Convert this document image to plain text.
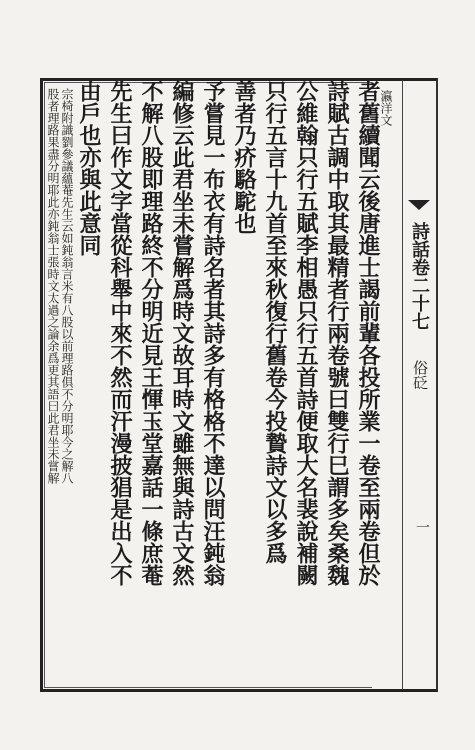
詩話卷二十七
俗砭
一
瀛洋文
者舊續聞云後唐進士謁前輩各投所業一卷至兩卷但於
詩賦古調中取其最精者行兩卷號曰雙行巳謂多矣桑魏
公維翰只行五賦李相愚只行五首詩便取大名裴說補闕
只行五言十九首至來秋復行舊卷今投贄詩文以多爲
善者乃疥駱駝也
予嘗見一布衣有詩名者其詩多有格格不達以問汪鈍翁
編修云此君坐未嘗解爲時文故耳時文雖無與詩古文然
不解八股即理路終不分明近見王惲玉堂嘉話一條庶菴
先生曰作文字當從科舉中來不然而汗漫披猖是出入不
由戶也亦與此意同
宗椅附識劉參議蘊菴先生云如鈍翁言米有八股以前理路俱不分明耶今之解八
股者理路果盡分明耶此亦鈍翁士張時文太過之論余爲更其語曰此君坐未嘗解
